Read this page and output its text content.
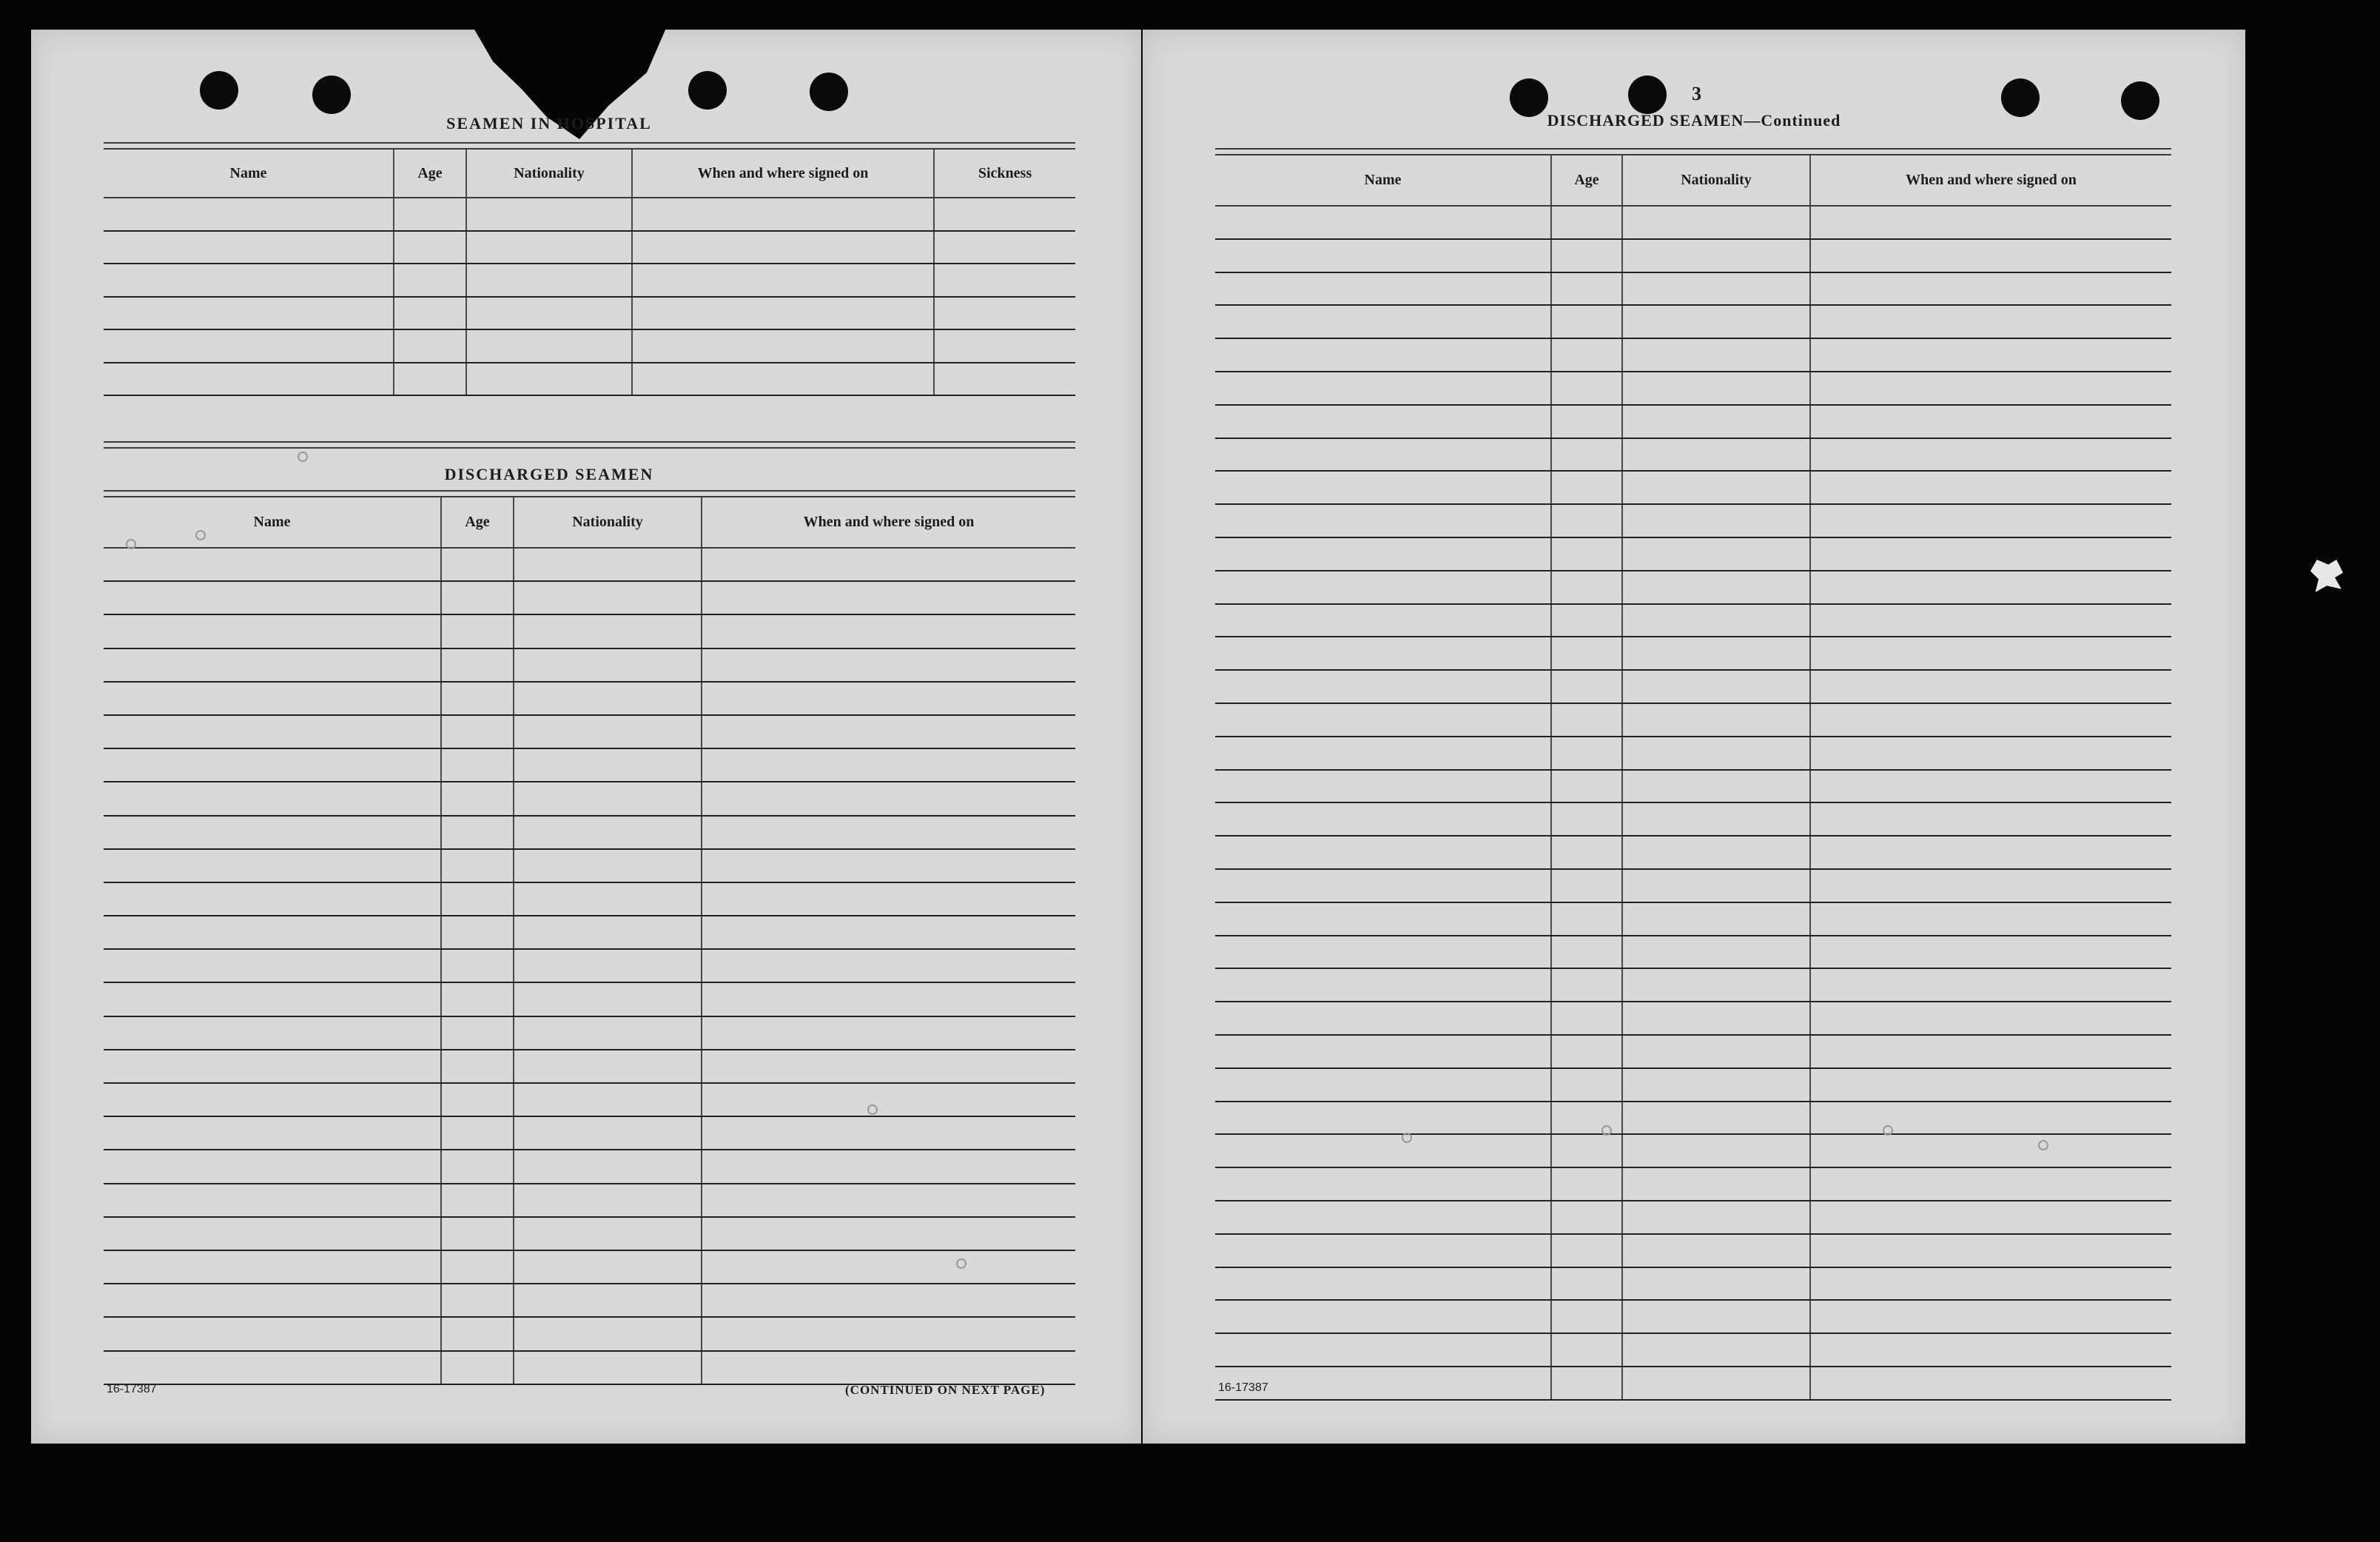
SEAMEN IN HOSPITAL
Name	Age	Nationality	When and where signed on	Sickness

DISCHARGED SEAMEN
Name	Age	Nationality	When and where signed on

16-17387	(CONTINUED ON NEXT PAGE)
3
DISCHARGED SEAMEN—Continued
Name	Age	Nationality	When and where signed on

16-17387
